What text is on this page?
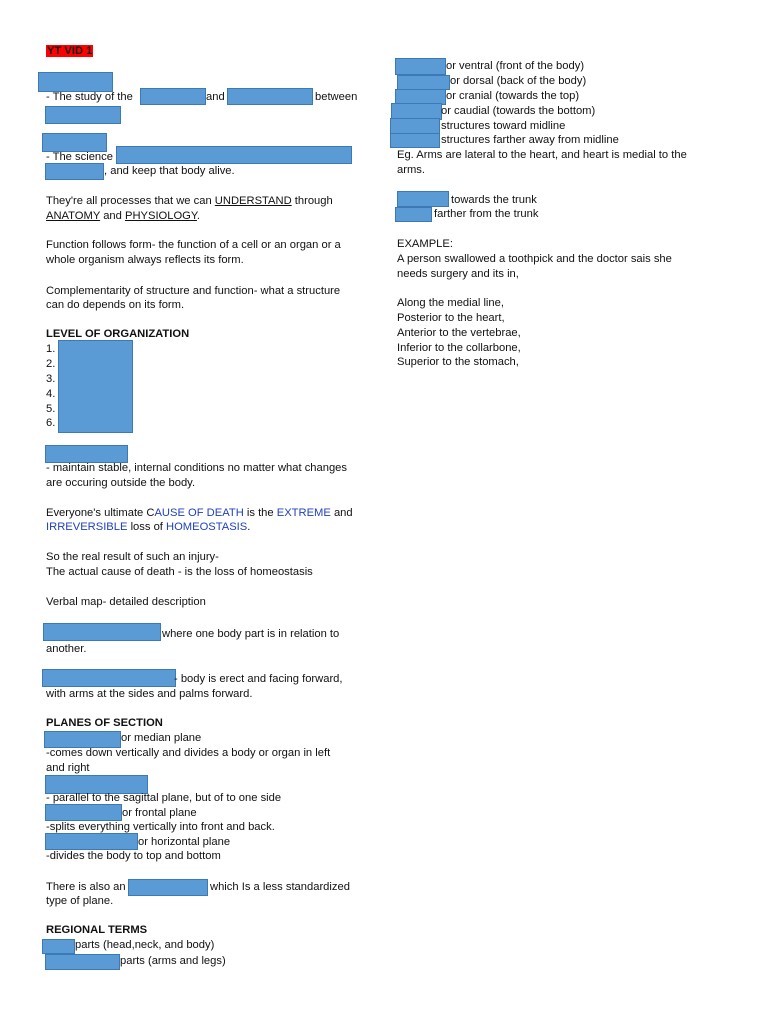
YT VID 1
- The study of the	and	between
- The science
, and keep that body alive.
They're all processes that we can UNDERSTAND through
ANATOMY and PHYSIOLOGY.
Function follows form- the function of a cell or an organ or a
whole organism always reflects its form.
Complementarity of structure and function- what a structure
can do depends on its form.
LEVEL OF ORGANIZATION
1.
2.
3.
4.
5.
6.
- maintain stable, internal conditions no matter what changes
are occuring outside the body.
Everyone's ultimate CAUSE OF DEATH is the EXTREME and
IRREVERSIBLE loss of HOMEOSTASIS.
So the real result of such an injury-
The actual cause of death - is the loss of homeostasis
Verbal map- detailed description
where one body part is in relation to
another.
- body is erect and facing forward,
with arms at the sides and palms forward.
PLANES OF SECTION
or median plane
-comes down vertically and divides a body or organ in left
and right
- parallel to the sagittal plane, but of to one side
or frontal plane
-splits everything vertically into front and back.
or horizontal plane
-divides the body to top and bottom
There is also an	which Is a less standardized
type of plane.
REGIONAL TERMS
parts (head,neck, and body)
parts (arms and legs)
or ventral (front of the body)
or dorsal (back of the body)
or cranial (towards the top)
or caudial (towards the bottom)
structures toward midline
structures farther away from midline
Eg. Arms are lateral to the heart, and heart is medial to the
arms.
towards the trunk
farther from the trunk
EXAMPLE:
A person swallowed a toothpick and the doctor sais she
needs surgery and its in,
Along the medial line,
Posterior to the heart,
Anterior to the vertebrae,
Inferior to the collarbone,
Superior to the stomach,
